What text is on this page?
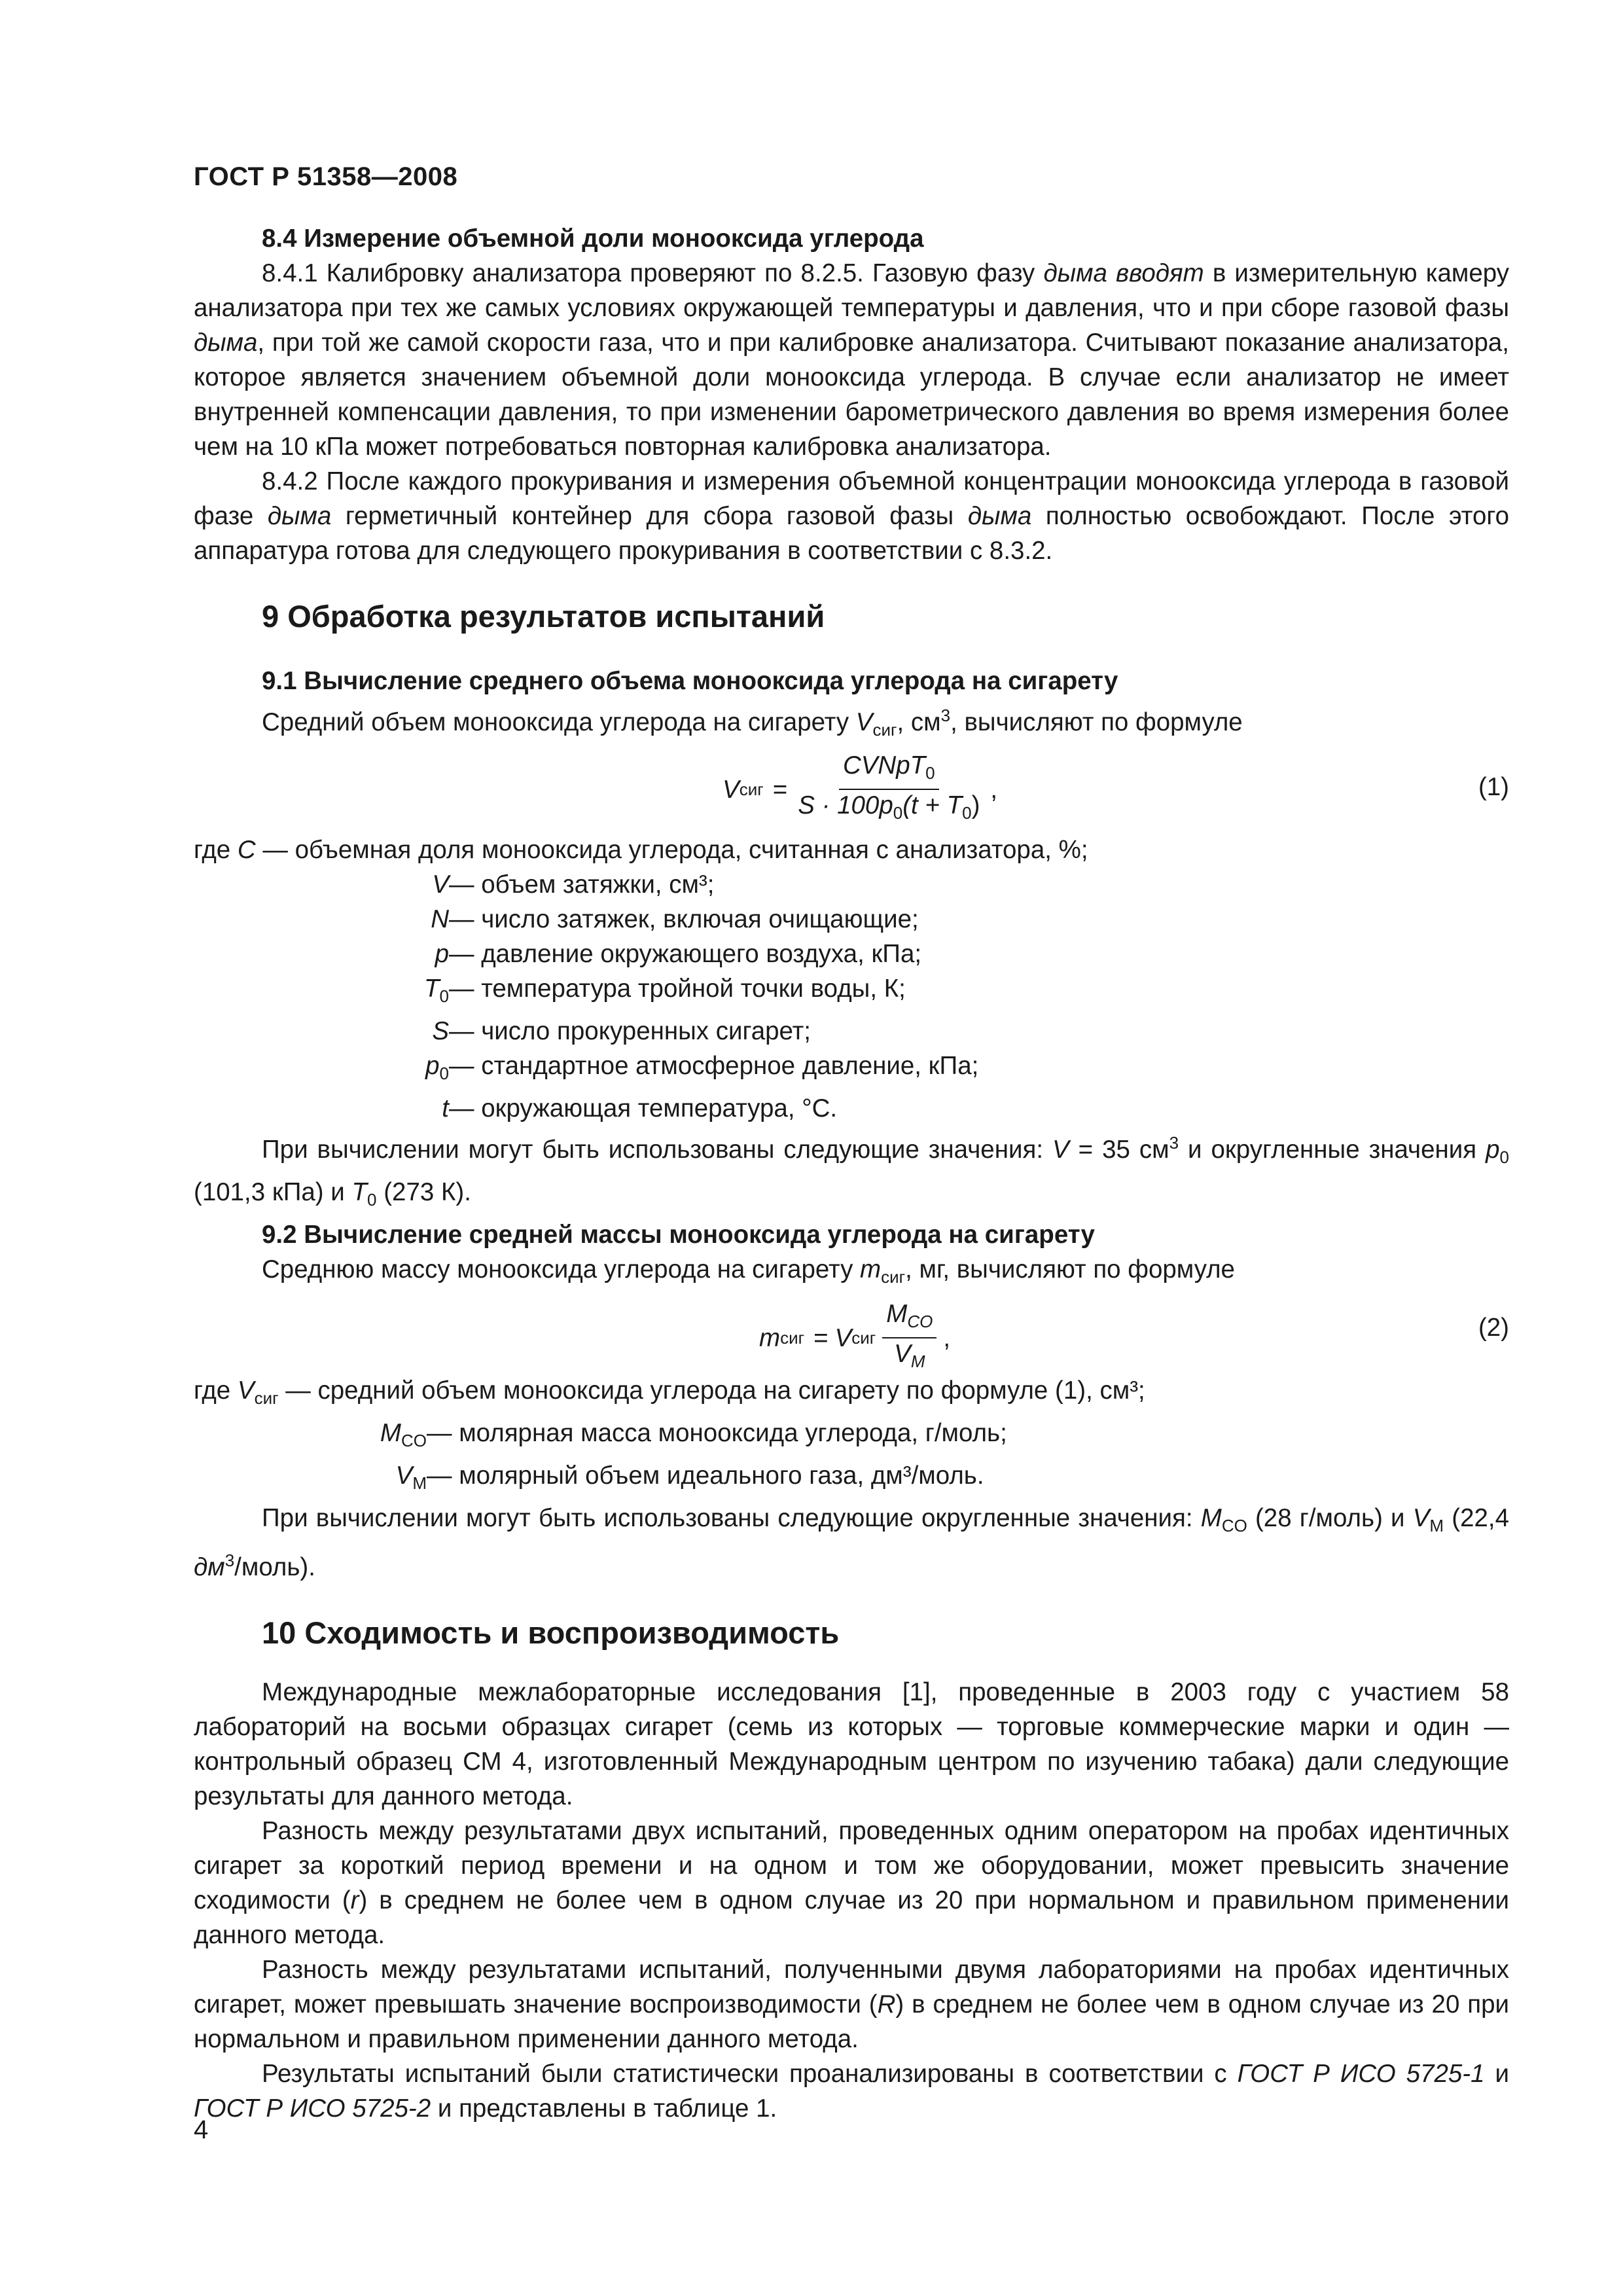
ГОСТ Р 51358—2008

8.4 Измерение объемной доли монооксида углерода

8.4.1 Калибровку анализатора проверяют по 8.2.5. Газовую фазу дыма вводят в измерительную камеру анализатора при тех же самых условиях окружающей температуры и давления, что и при сборе газовой фазы дыма, при той же самой скорости газа, что и при калибровке анализатора. Считывают показание анализатора, которое является значением объемной доли монооксида углерода. В случае если анализатор не имеет внутренней компенсации давления, то при изменении барометрического давления во время измерения более чем на 10 кПа может потребоваться повторная калибровка анализатора.

8.4.2 После каждого прокуривания и измерения объемной концентрации монооксида углерода в газовой фазе дыма герметичный контейнер для сбора газовой фазы дыма полностью освобождают. После этого аппаратура готова для следующего прокуривания в соответствии с 8.3.2.

9 Обработка результатов испытаний

9.1 Вычисление среднего объема монооксида углерода на сигарету

Средний объем монооксида углерода на сигарету $V_{сиг}$, $см^3$, вычисляют по формуле

V сиг = $\frac{CVNpT_0}{S \cdot 100p_0(t + T_0)}$ ,	(1)

где C — объемная доля монооксида углерода, считанная с анализатора, %;

V — объем затяжки, см³;
N — число затяжек, включая очищающие;
p — давление окружающего воздуха, кПа;
$T_0$ — температура тройной точки воды, К;
S — число прокуренных сигарет;
$p_0$ — стандартное атмосферное давление, кПа;
t — окружающая температура, °С.

При вычислении могут быть использованы следующие значения: V = 35 $см^3$ и округленные значения $p_0$ (101,3 кПа) и $T_0$ (273 К).

9.2 Вычисление средней массы монооксида углерода на сигарету

Среднюю массу монооксида углерода на сигарету $m_{сиг}$, мг, вычисляют по формуле

m сиг = V сиг $\frac{M_{CO}}{V_M}$ ,	(2)

где $V_{сиг}$ — средний объем монооксида углерода на сигарету по формуле (1), см³;

$M_{CO}$ — молярная масса монооксида углерода, г/моль;
$V_M$ — молярный объем идеального газа, дм³/моль.

При вычислении могут быть использованы следующие округленные значения: $M_{CO}$ (28 г/моль) и $V_M$ (22,4 $дм^3/моль$).

10 Сходимость и воспроизводимость

Международные межлабораторные исследования [1], проведенные в 2003 году с участием 58 лабораторий на восьми образцах сигарет (семь из которых — торговые коммерческие марки и один — контрольный образец СМ 4, изготовленный Международным центром по изучению табака) дали следующие результаты для данного метода.

Разность между результатами двух испытаний, проведенных одним оператором на пробах идентичных сигарет за короткий период времени и на одном и том же оборудовании, может превысить значение сходимости (r) в среднем не более чем в одном случае из 20 при нормальном и правильном применении данного метода.

Разность между результатами испытаний, полученными двумя лабораториями на пробах идентичных сигарет, может превышать значение воспроизводимости (R) в среднем не более чем в одном случае из 20 при нормальном и правильном применении данного метода.

Результаты испытаний были статистически проанализированы в соответствии с ГОСТ Р ИСО 5725-1 и ГОСТ Р ИСО 5725-2 и представлены в таблице 1.

4
